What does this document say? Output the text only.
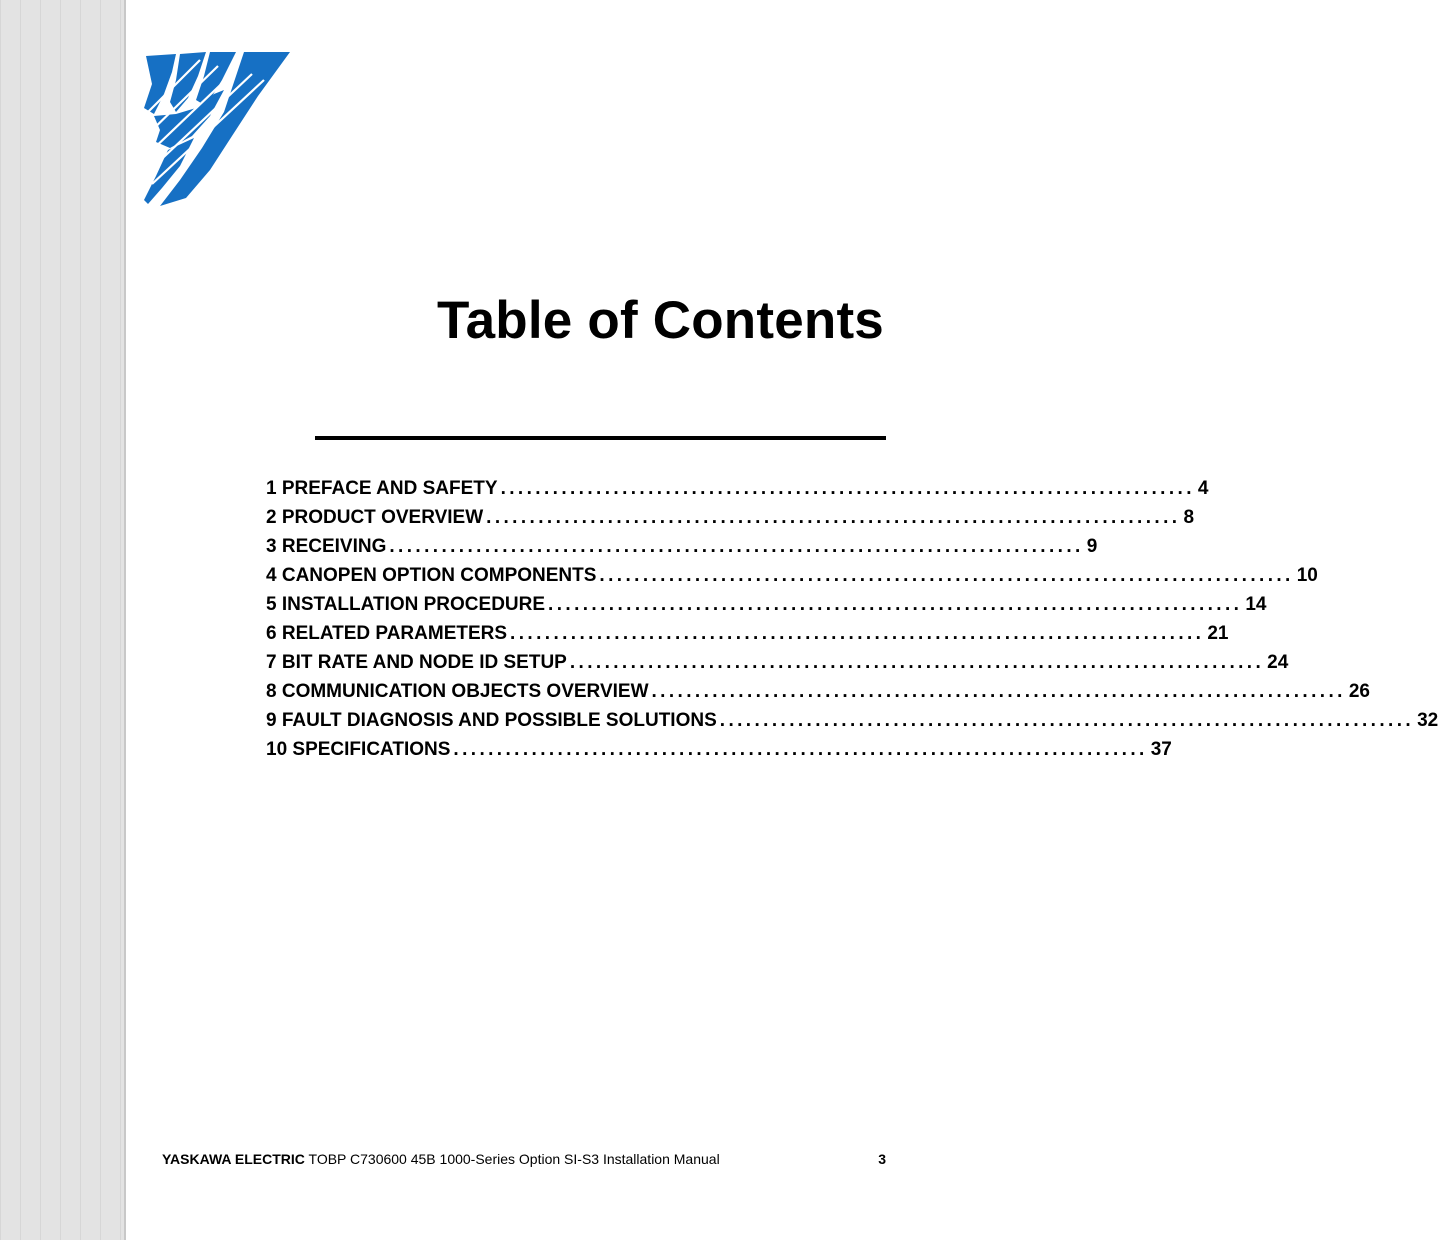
Table of Contents
1 PREFACE AND SAFETY ................................................................................ 4
2 PRODUCT OVERVIEW ................................................................................ 8
3 RECEIVING ................................................................................ 9
4 CANOPEN OPTION COMPONENTS ................................................................................ 10
5 INSTALLATION PROCEDURE ................................................................................ 14
6 RELATED PARAMETERS ................................................................................ 21
7 BIT RATE AND NODE ID SETUP ................................................................................ 24
8 COMMUNICATION OBJECTS OVERVIEW ................................................................................ 26
9 FAULT DIAGNOSIS AND POSSIBLE SOLUTIONS ................................................................................ 32
10 SPECIFICATIONS ................................................................................ 37
YASKAWA ELECTRIC TOBP C730600 45B 1000-Series Option SI-S3 Installation Manual	3
